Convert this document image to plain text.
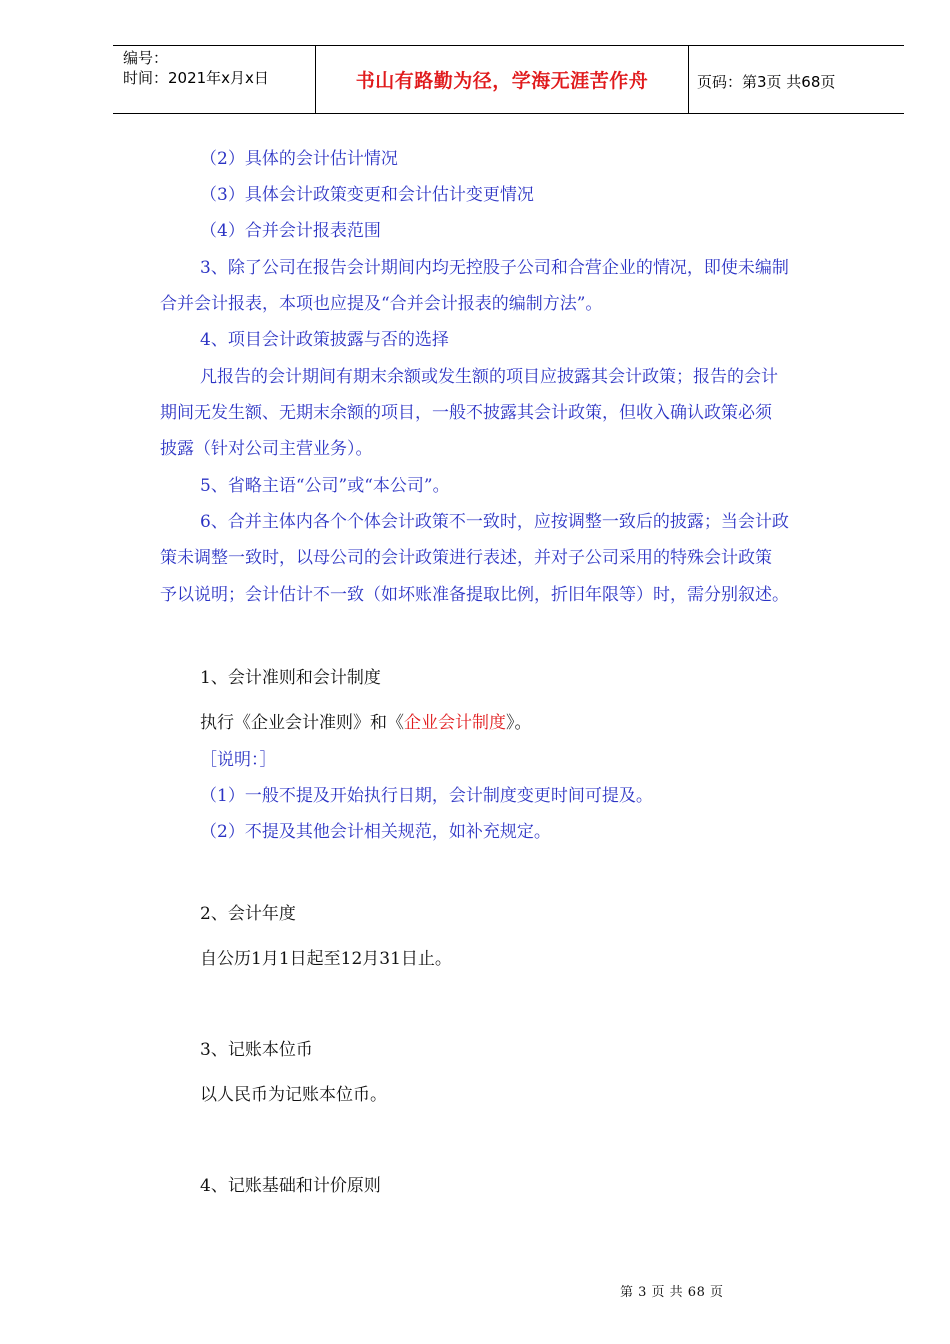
编号：
时间：2021年x月x日	书山有路勤为径，学海无涯苦作舟	页码：第3页 共68页
（2）具体的会计估计情况
（3）具体会计政策变更和会计估计变更情况
（4）合并会计报表范围
3、除了公司在报告会计期间内均无控股子公司和合营企业的情况，即使未编制
合并会计报表，本项也应提及“合并会计报表的编制方法”。
4、项目会计政策披露与否的选择
凡报告的会计期间有期末余额或发生额的项目应披露其会计政策；报告的会计
期间无发生额、无期末余额的项目，一般不披露其会计政策，但收入确认政策必须
披露（针对公司主营业务）。
5、省略主语“公司”或“本公司”。
6、合并主体内各个个体会计政策不一致时，应按调整一致后的披露；当会计政
策未调整一致时，以母公司的会计政策进行表述，并对子公司采用的特殊会计政策
予以说明；会计估计不一致（如坏账准备提取比例，折旧年限等）时，需分别叙述。
1、会计准则和会计制度
执行《企业会计准则》和《企业会计制度》。
［说明：］
（1）一般不提及开始执行日期，会计制度变更时间可提及。
（2）不提及其他会计相关规范，如补充规定。
2、会计年度
自公历1月1日起至12月31日止。
3、记账本位币
以人民币为记账本位币。
4、记账基础和计价原则
第 3 页 共 68 页
